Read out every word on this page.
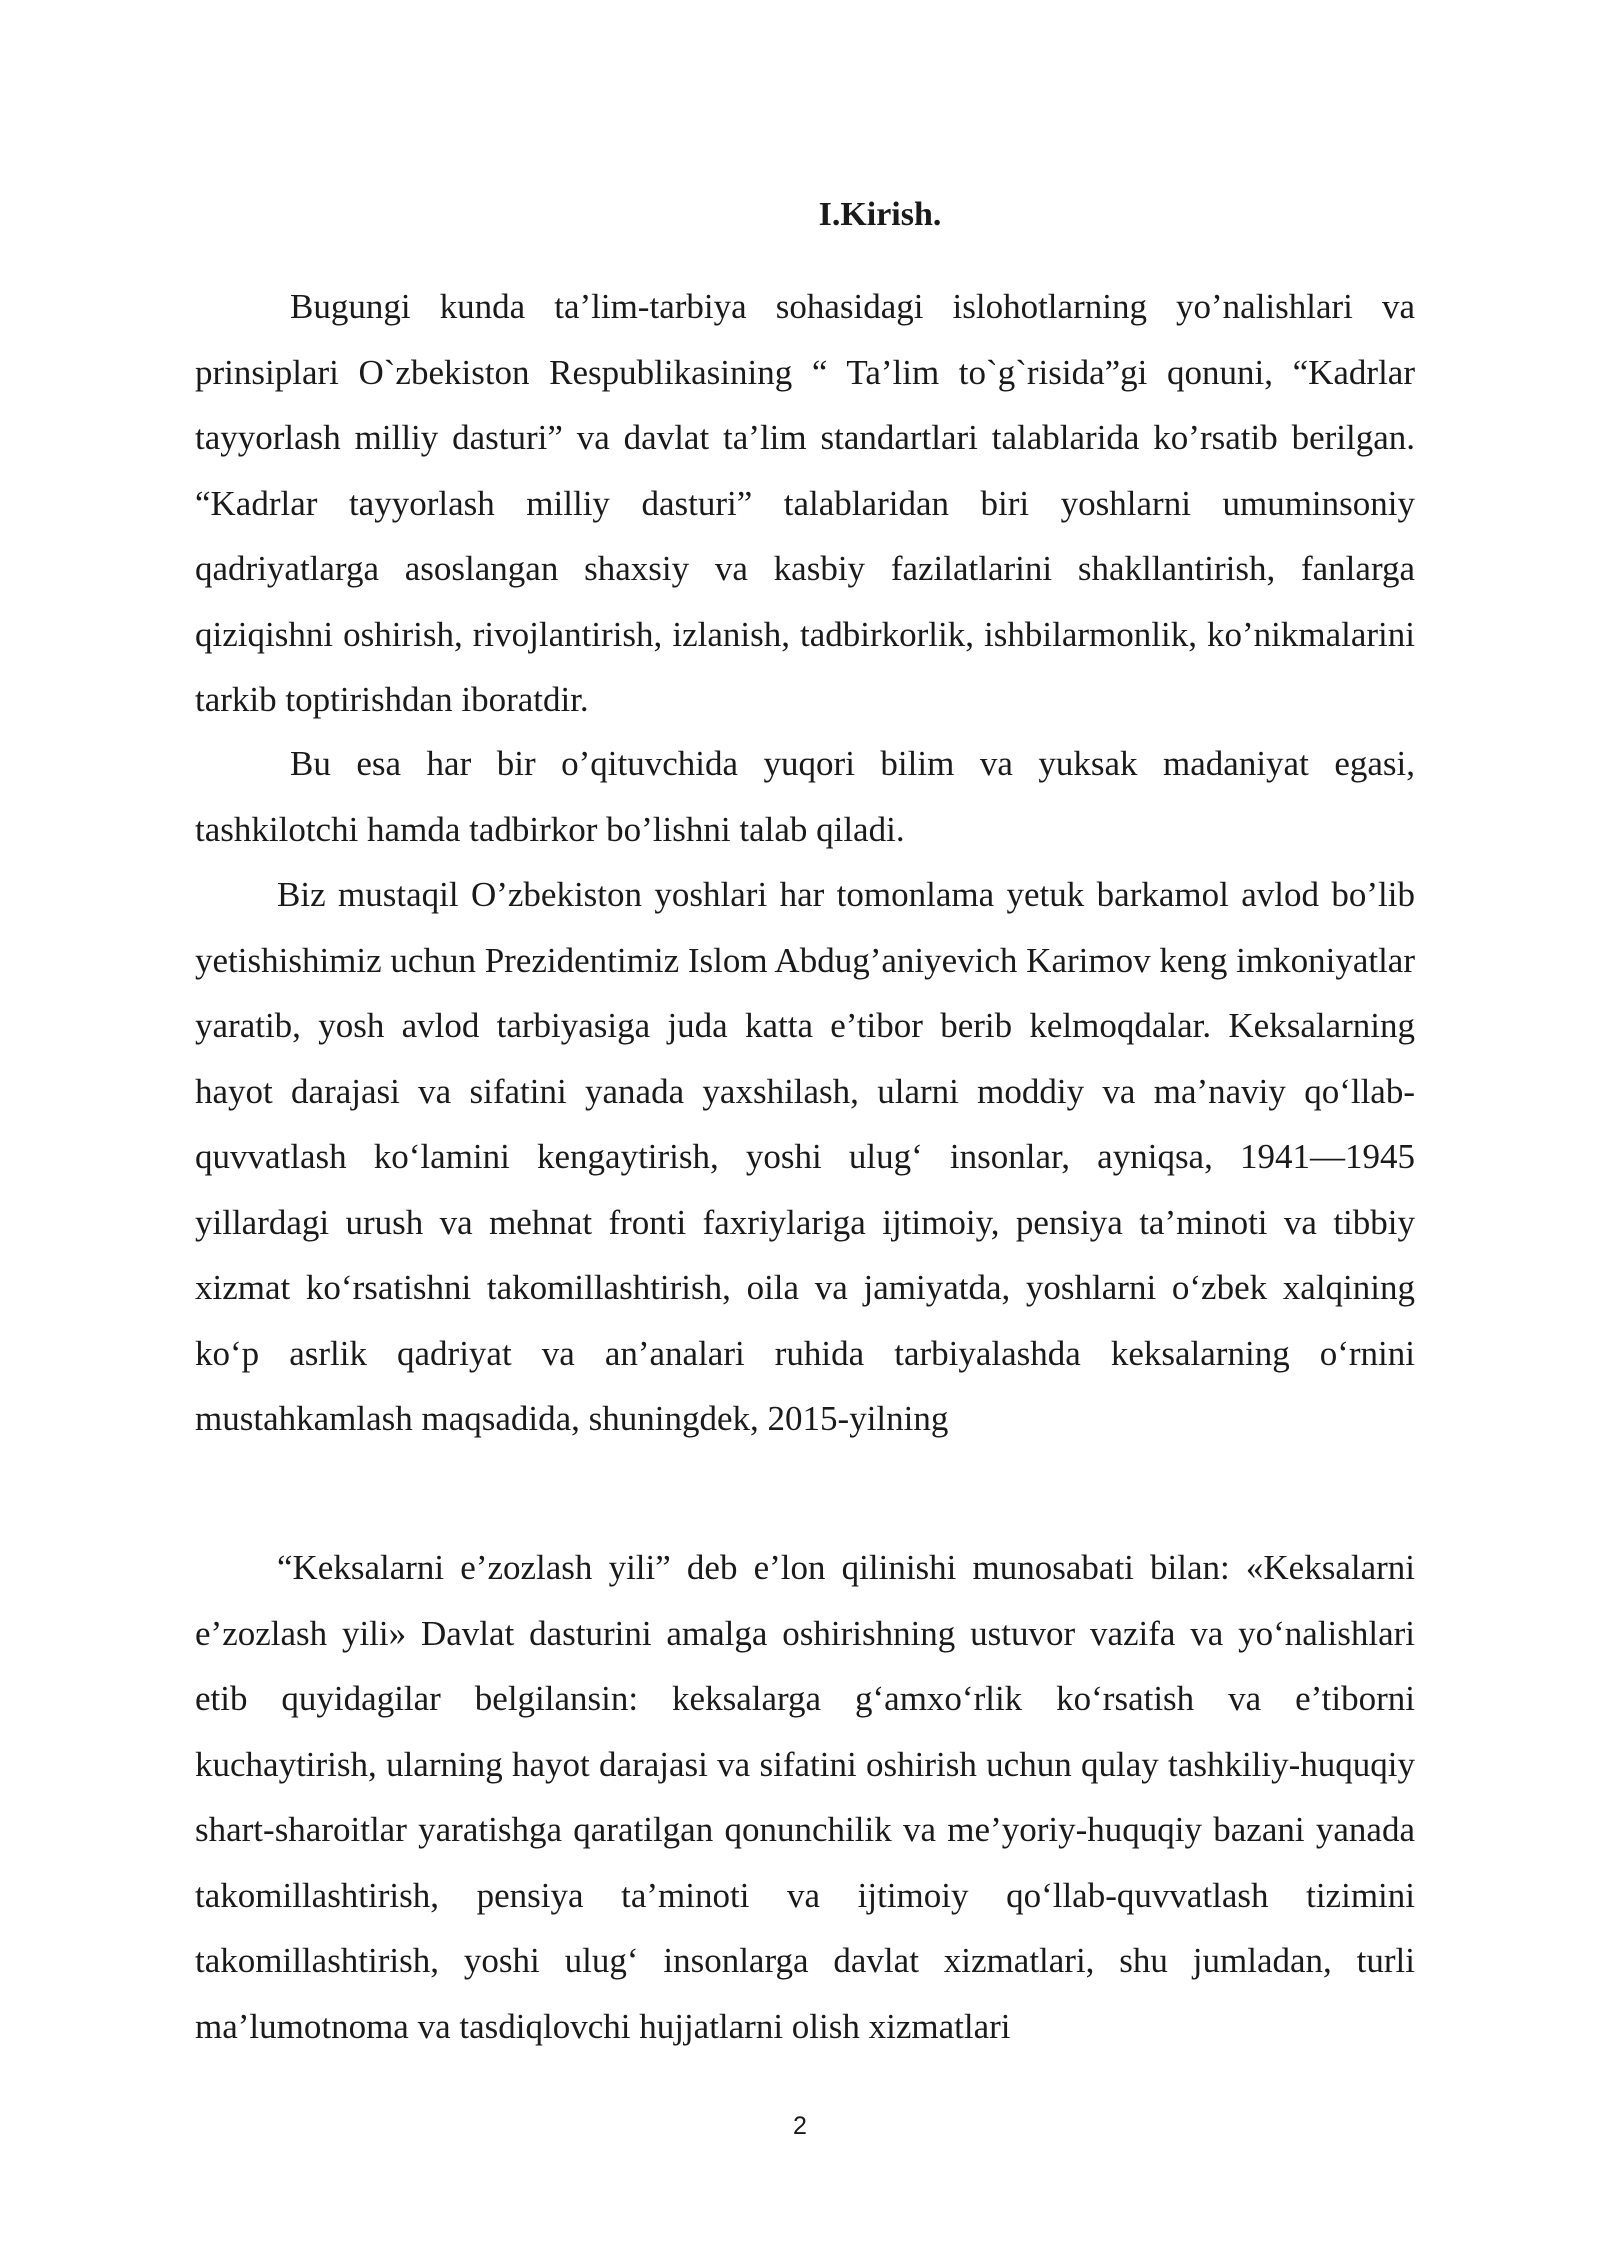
I.Kirish.

Bugungi kunda ta’lim-tarbiya sohasidagi islohotlarning yo’nalishlari va prinsiplari O`zbekiston Respublikasining “ Ta’lim to`g`risida”gi qonuni, “Kadrlar tayyorlash milliy dasturi” va davlat ta’lim standartlari talablarida ko’rsatib berilgan. “Kadrlar tayyorlash milliy dasturi” talablaridan biri yoshlarni umuminsoniy qadriyatlarga asoslangan shaxsiy va kasbiy fazilatlarini shakllantirish, fanlarga qiziqishni oshirish, rivojlantirish, izlanish, tadbirkorlik, ishbilarmonlik, ko’nikmalarini tarkib toptirishdan iboratdir.

Bu esa har bir o’qituvchida yuqori bilim va yuksak madaniyat egasi, tashkilotchi hamda tadbirkor bo’lishni talab qiladi.

Biz mustaqil O’zbekiston yoshlari har tomonlama yetuk barkamol avlod bo’lib yetishishimiz uchun Prezidentimiz Islom Abdug’aniyevich Karimov keng imkoniyatlar yaratib, yosh avlod tarbiyasiga juda katta e’tibor berib kelmoqdalar. Keksalarning hayot darajasi va sifatini yanada yaxshilash, ularni moddiy va ma’naviy qo‘llab-quvvatlash ko‘lamini kengaytirish, yoshi ulug‘ insonlar, ayniqsa, 1941—1945 yillardagi urush va mehnat fronti faxriylariga ijtimoiy, pensiya ta’minoti va tibbiy xizmat ko‘rsatishni takomillashtirish, oila va jamiyatda, yoshlarni o‘zbek xalqining ko‘p asrlik qadriyat va an’analari ruhida tarbiyalashda keksalarning o‘rnini mustahkamlash maqsadida, shuningdek, 2015-yilning

“Keksalarni e’zozlash yili” deb e’lon qilinishi munosabati bilan: «Keksalarni e’zozlash yili» Davlat dasturini amalga oshirishning ustuvor vazifa va yo‘nalishlari etib quyidagilar belgilansin: keksalarga g‘amxo‘rlik ko‘rsatish va e’tiborni kuchaytirish, ularning hayot darajasi va sifatini oshirish uchun qulay tashkiliy-huquqiy shart-sharoitlar yaratishga qaratilgan qonunchilik va me’yoriy-huquqiy bazani yanada takomillashtirish, pensiya ta’minoti va ijtimoiy qo‘llab-quvvatlash tizimini takomillashtirish, yoshi ulug‘ insonlarga davlat xizmatlari, shu jumladan, turli ma’lumotnoma va tasdiqlovchi hujjatlarni olish xizmatlari

2
